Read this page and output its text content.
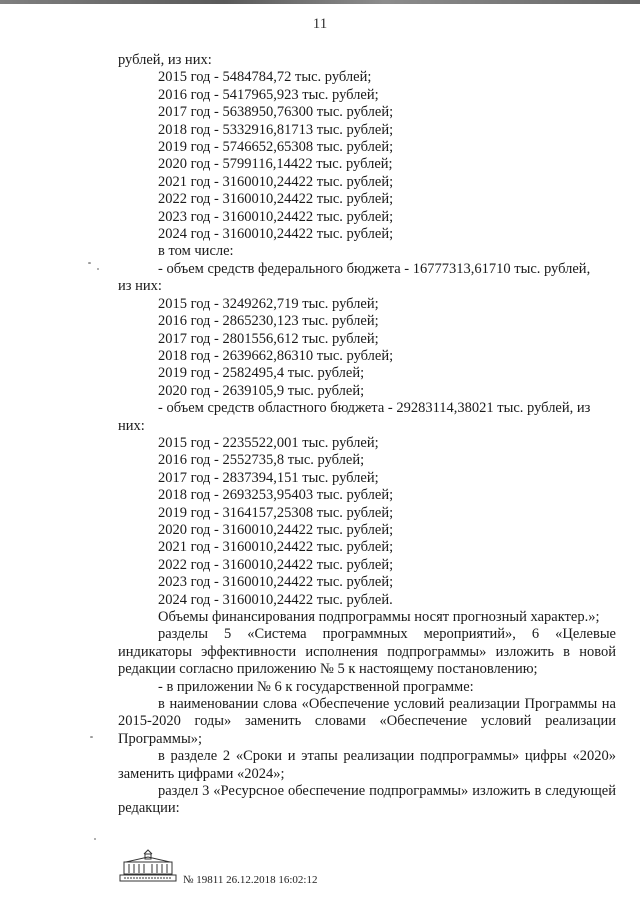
11
рублей, из них:
2015 год - 5484784,72 тыс. рублей;
2016 год - 5417965,923 тыс. рублей;
2017 год - 5638950,76300 тыс. рублей;
2018 год - 5332916,81713 тыс. рублей;
2019 год - 5746652,65308 тыс. рублей;
2020 год - 5799116,14422 тыс. рублей;
2021 год - 3160010,24422 тыс. рублей;
2022 год - 3160010,24422 тыс. рублей;
2023 год - 3160010,24422 тыс. рублей;
2024 год - 3160010,24422 тыс. рублей;
в том числе:
- объем средств федерального бюджета - 16777313,61710 тыс. рублей,
из них:
2015 год - 3249262,719 тыс. рублей;
2016 год - 2865230,123 тыс. рублей;
2017 год - 2801556,612 тыс. рублей;
2018 год - 2639662,86310 тыс. рублей;
2019 год - 2582495,4 тыс. рублей;
2020 год - 2639105,9 тыс. рублей;
- объем средств областного бюджета - 29283114,38021 тыс. рублей, из
них:
2015 год - 2235522,001 тыс. рублей;
2016 год - 2552735,8 тыс. рублей;
2017 год - 2837394,151 тыс. рублей;
2018 год - 2693253,95403 тыс. рублей;
2019 год - 3164157,25308 тыс. рублей;
2020 год - 3160010,24422 тыс. рублей;
2021 год - 3160010,24422 тыс. рублей;
2022 год - 3160010,24422 тыс. рублей;
2023 год - 3160010,24422 тыс. рублей;
2024 год - 3160010,24422 тыс. рублей.
Объемы финансирования подпрограммы носят прогнозный характер.»;
разделы 5 «Система программных мероприятий», 6 «Целевые индикаторы эффективности исполнения подпрограммы» изложить в новой редакции согласно приложению № 5 к настоящему постановлению;
- в приложении № 6 к государственной программе:
в наименовании слова «Обеспечение условий реализации Программы на 2015-2020 годы» заменить словами «Обеспечение условий реализации Программы»;
в разделе 2 «Сроки и этапы реализации подпрограммы» цифры «2020» заменить цифрами «2024»;
раздел 3 «Ресурсное обеспечение подпрограммы» изложить в следующей редакции:
№ 19811 26.12.2018 16:02:12
